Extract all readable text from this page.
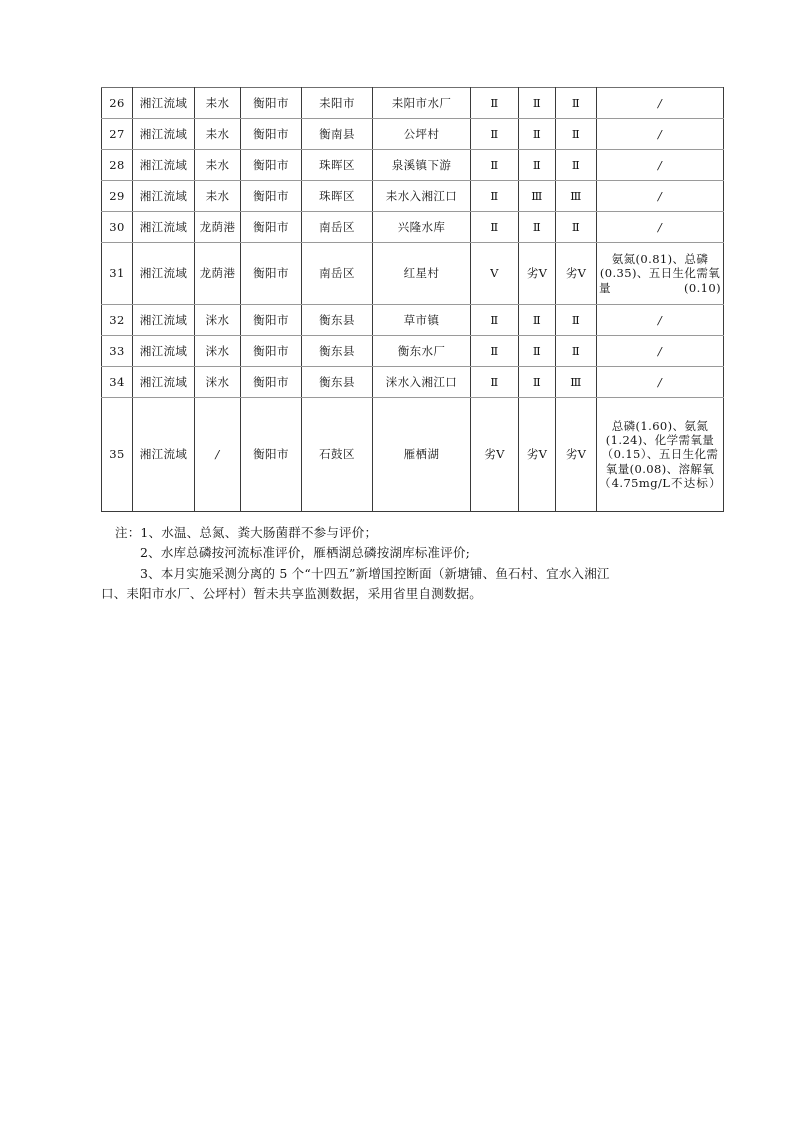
26	湘江流域	耒水	衡阳市	耒阳市	耒阳市水厂	Ⅱ	Ⅱ	Ⅱ	/
27	湘江流域	耒水	衡阳市	衡南县	公坪村	Ⅱ	Ⅱ	Ⅱ	/
28	湘江流域	耒水	衡阳市	珠晖区	泉溪镇下游	Ⅱ	Ⅱ	Ⅱ	/
29	湘江流域	耒水	衡阳市	珠晖区	耒水入湘江口	Ⅱ	Ⅲ	Ⅲ	/
30	湘江流域	龙荫港	衡阳市	南岳区	兴隆水库	Ⅱ	Ⅱ	Ⅱ	/
31	湘江流域	龙荫港	衡阳市	南岳区	红星村	Ⅴ	劣Ⅴ	劣Ⅴ	氨氮(0.81)、总磷(0.35)、五日生化需氧量(0.10)
32	湘江流域	洣水	衡阳市	衡东县	草市镇	Ⅱ	Ⅱ	Ⅱ	/
33	湘江流域	洣水	衡阳市	衡东县	衡东水厂	Ⅱ	Ⅱ	Ⅱ	/
34	湘江流域	洣水	衡阳市	衡东县	洣水入湘江口	Ⅱ	Ⅱ	Ⅲ	/
35	湘江流域	/	衡阳市	石鼓区	雁栖湖	劣Ⅴ	劣Ⅴ	劣Ⅴ	总磷(1.60)、氨氮(1.24)、化学需氧量（0.15）、五日生化需氧量(0.08)、溶解氧（4.75mg/L不达标）
注：1、水温、总氮、粪大肠菌群不参与评价；
2、水库总磷按河流标准评价，雁栖湖总磷按湖库标准评价;
3、本月实施采测分离的 5 个“十四五”新增国控断面（新塘铺、鱼石村、宜水入湘江
口、耒阳市水厂、公坪村）暂未共享监测数据，采用省里自测数据。
